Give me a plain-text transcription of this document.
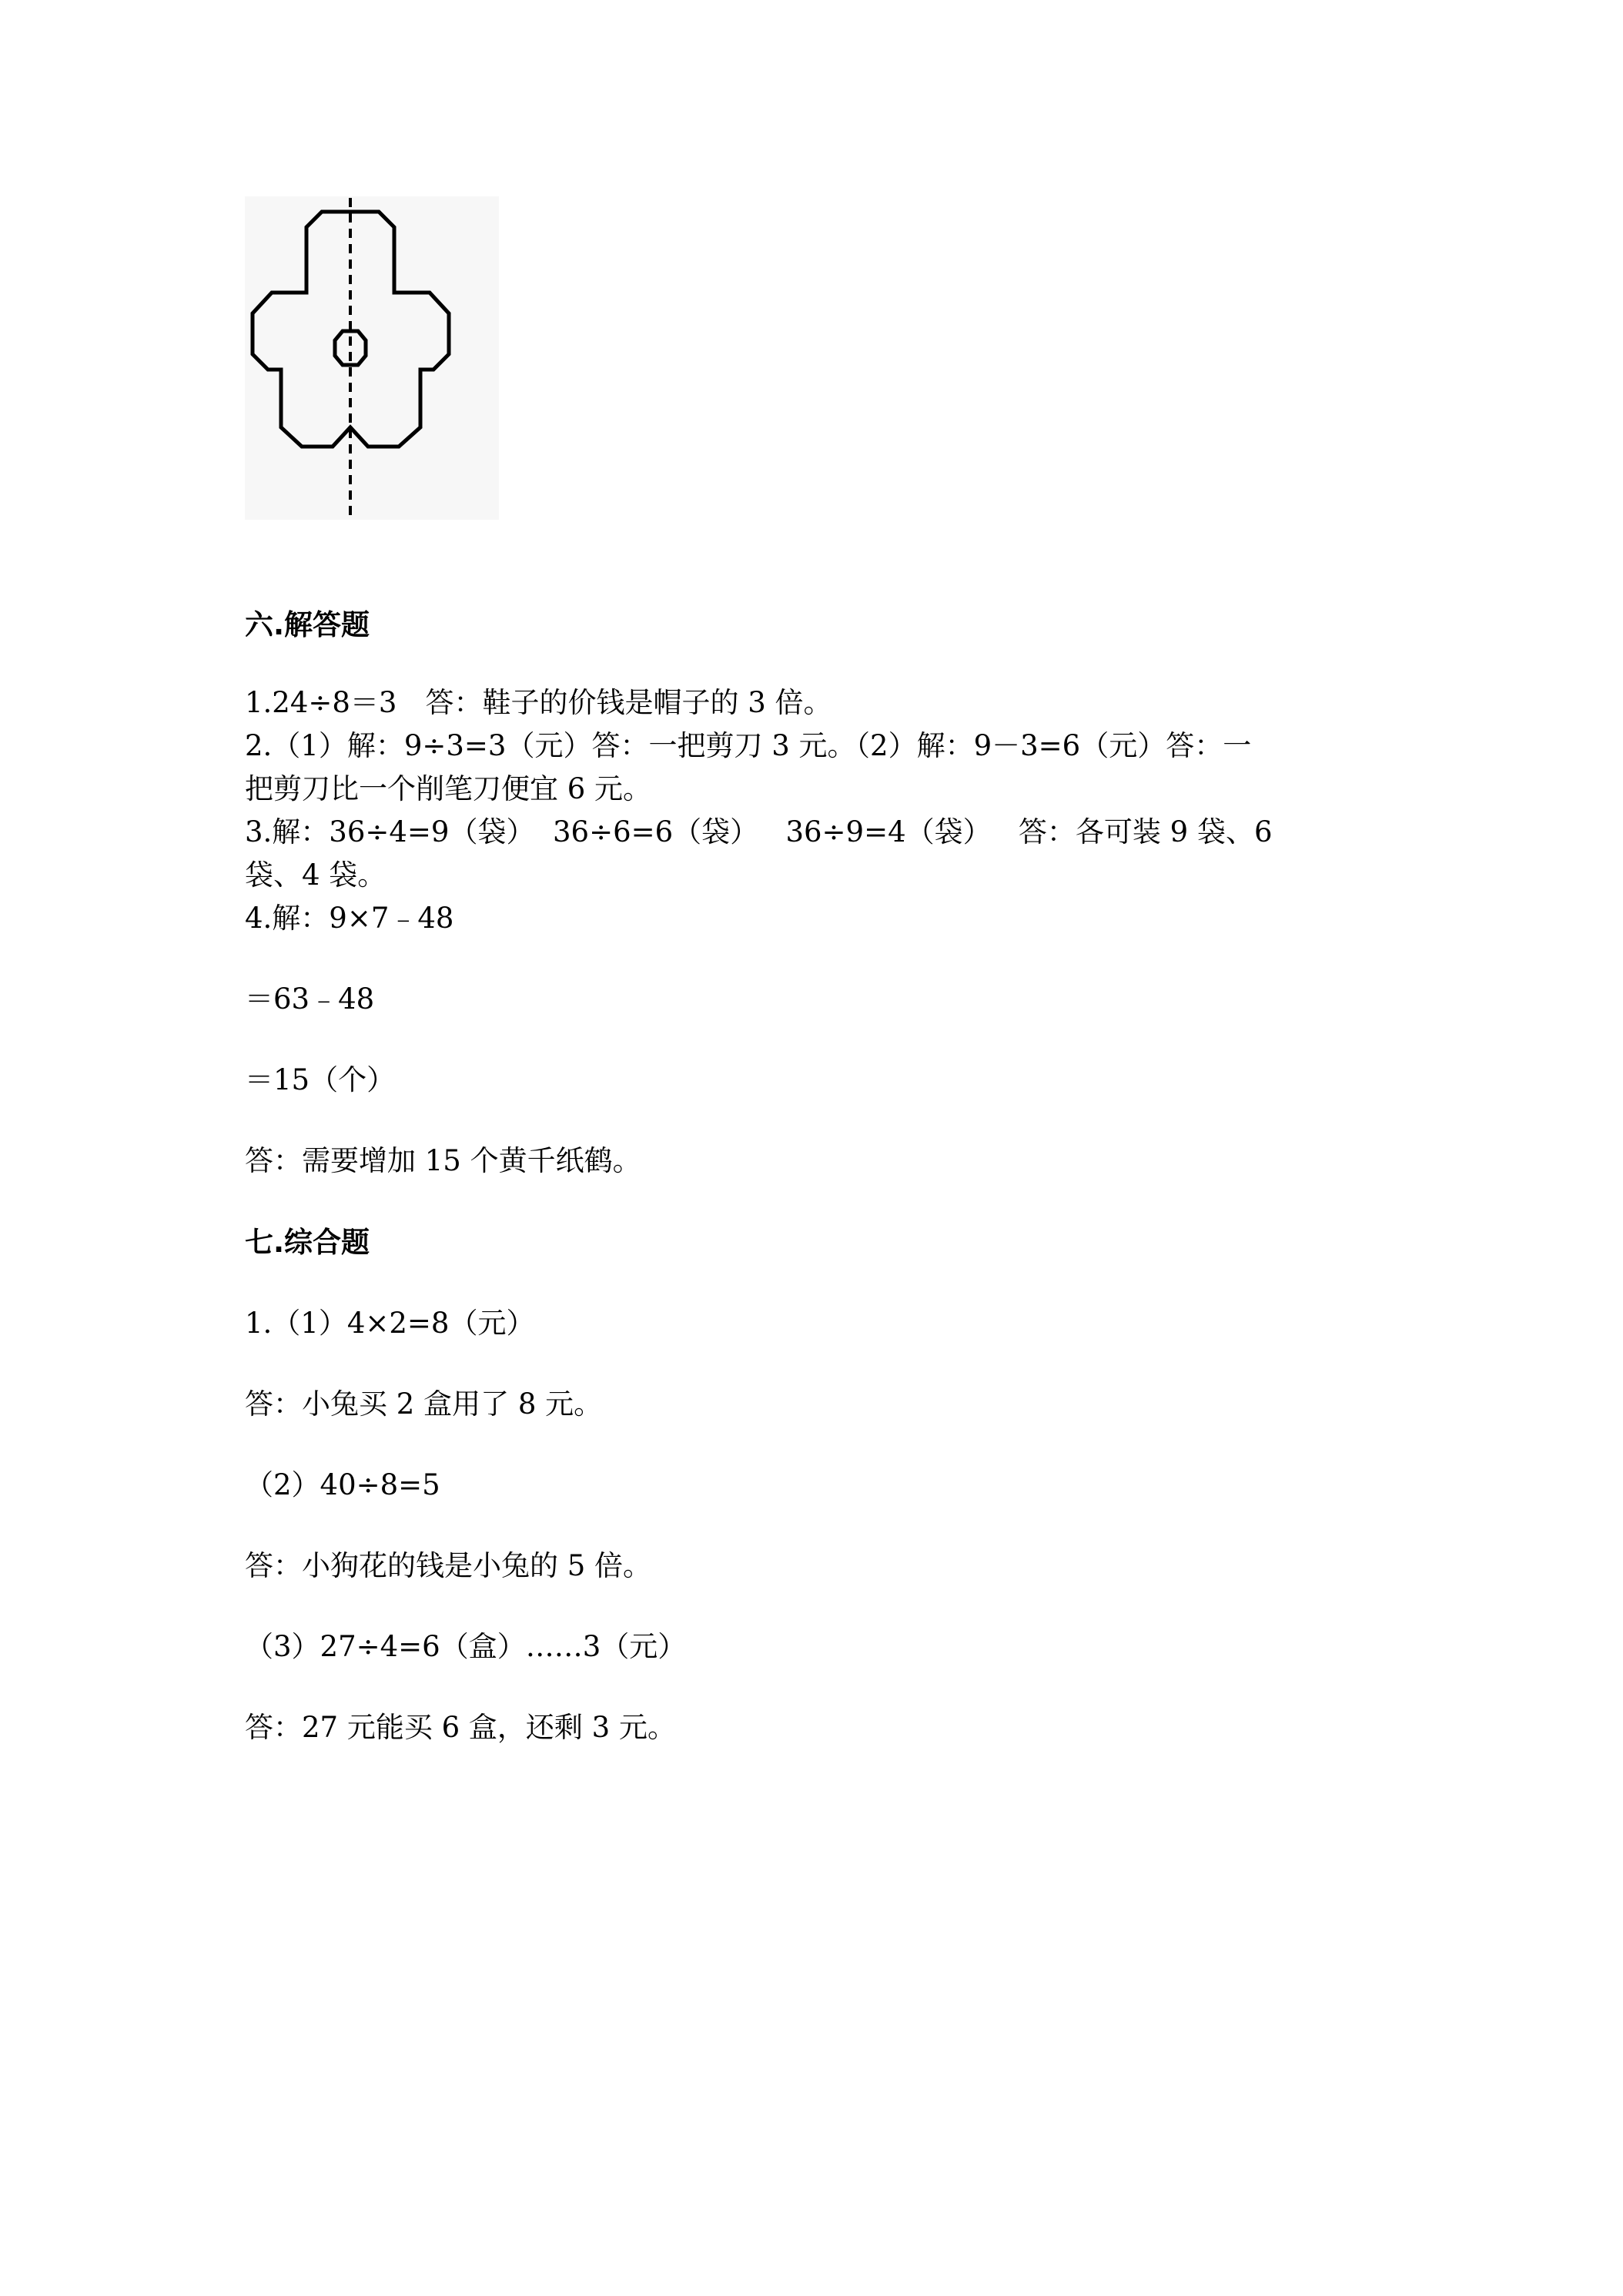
六.解答题
1.24÷8＝3　答：鞋子的价钱是帽子的 3 倍。
2.（1）解：9÷3=3（元）答：一把剪刀 3 元。（2）解：9－3=6（元）答：一
把剪刀比一个削笔刀便宜 6 元。
3.解：36÷4=9（袋）  36÷6=6（袋）   36÷9=4（袋）   答：各可装 9 袋、6
袋、4 袋。
4.解：9×7﹣48
＝63﹣48
＝15（个）
答：需要增加 15 个黄千纸鹤。
七.综合题
1.（1）4×2=8（元）
答：小兔买 2 盒用了 8 元。
（2）40÷8=5
答：小狗花的钱是小兔的 5 倍。
（3）27÷4=6（盒）……3（元）
答：27 元能买 6 盒，还剩 3 元。
